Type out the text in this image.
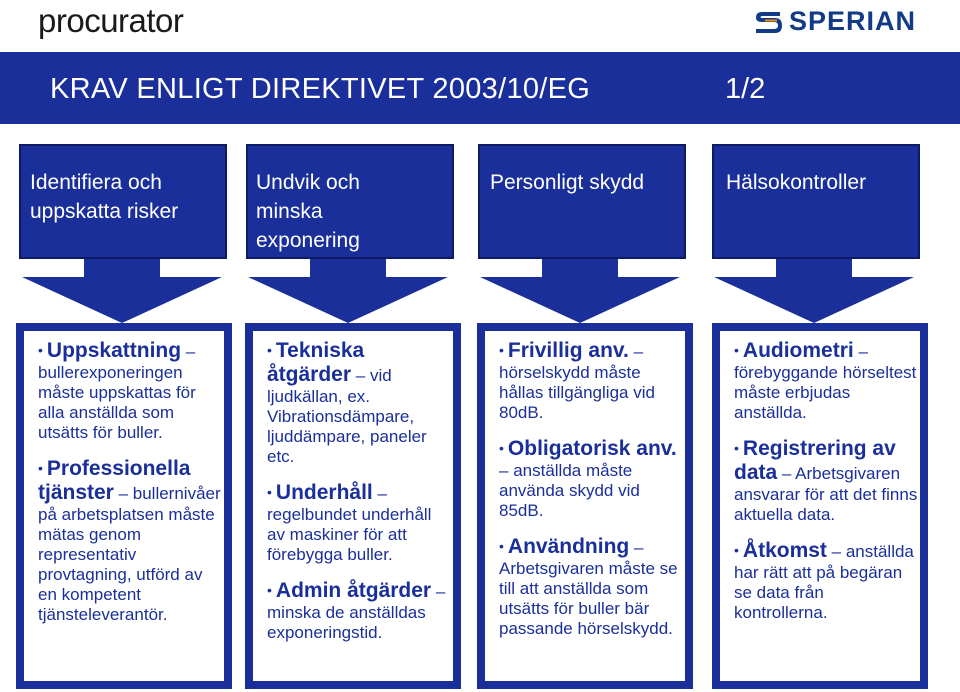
procurator	SPERIAN
KRAV ENLIGT DIREKTIVET 2003/10/EG	1/2
Identifiera och
uppskatta risker
Undvik och
minska
exponering
Personligt skydd	Hälsokontroller
• Uppskattning – bullerexponeringen måste uppskattas för alla anställda som utsätts för buller.
• Professionella tjänster – bullernivåer på arbetsplatsen måste mätas genom representativ provtagning, utförd av en kompetent tjänsteleverantör.
• Tekniska åtgärder – vid ljudkällan, ex. Vibrationsdämpare, ljuddämpare, paneler etc.
• Underhåll – regelbundet underhåll av maskiner för att förebygga buller.
• Admin åtgärder – minska de anställdas exponeringstid.
• Frivillig anv. – hörselskydd måste hållas tillgängliga vid 80dB.
• Obligatorisk anv. – anställda måste använda skydd vid 85dB.
• Användning – Arbetsgivaren måste se till att anställda som utsätts för buller bär passande hörselskydd.
• Audiometri – förebyggande hörseltest måste erbjudas anställda.
• Registrering av data – Arbetsgivaren ansvarar för att det finns aktuella data.
• Åtkomst – anställda har rätt att på begäran se data från kontrollerna.
